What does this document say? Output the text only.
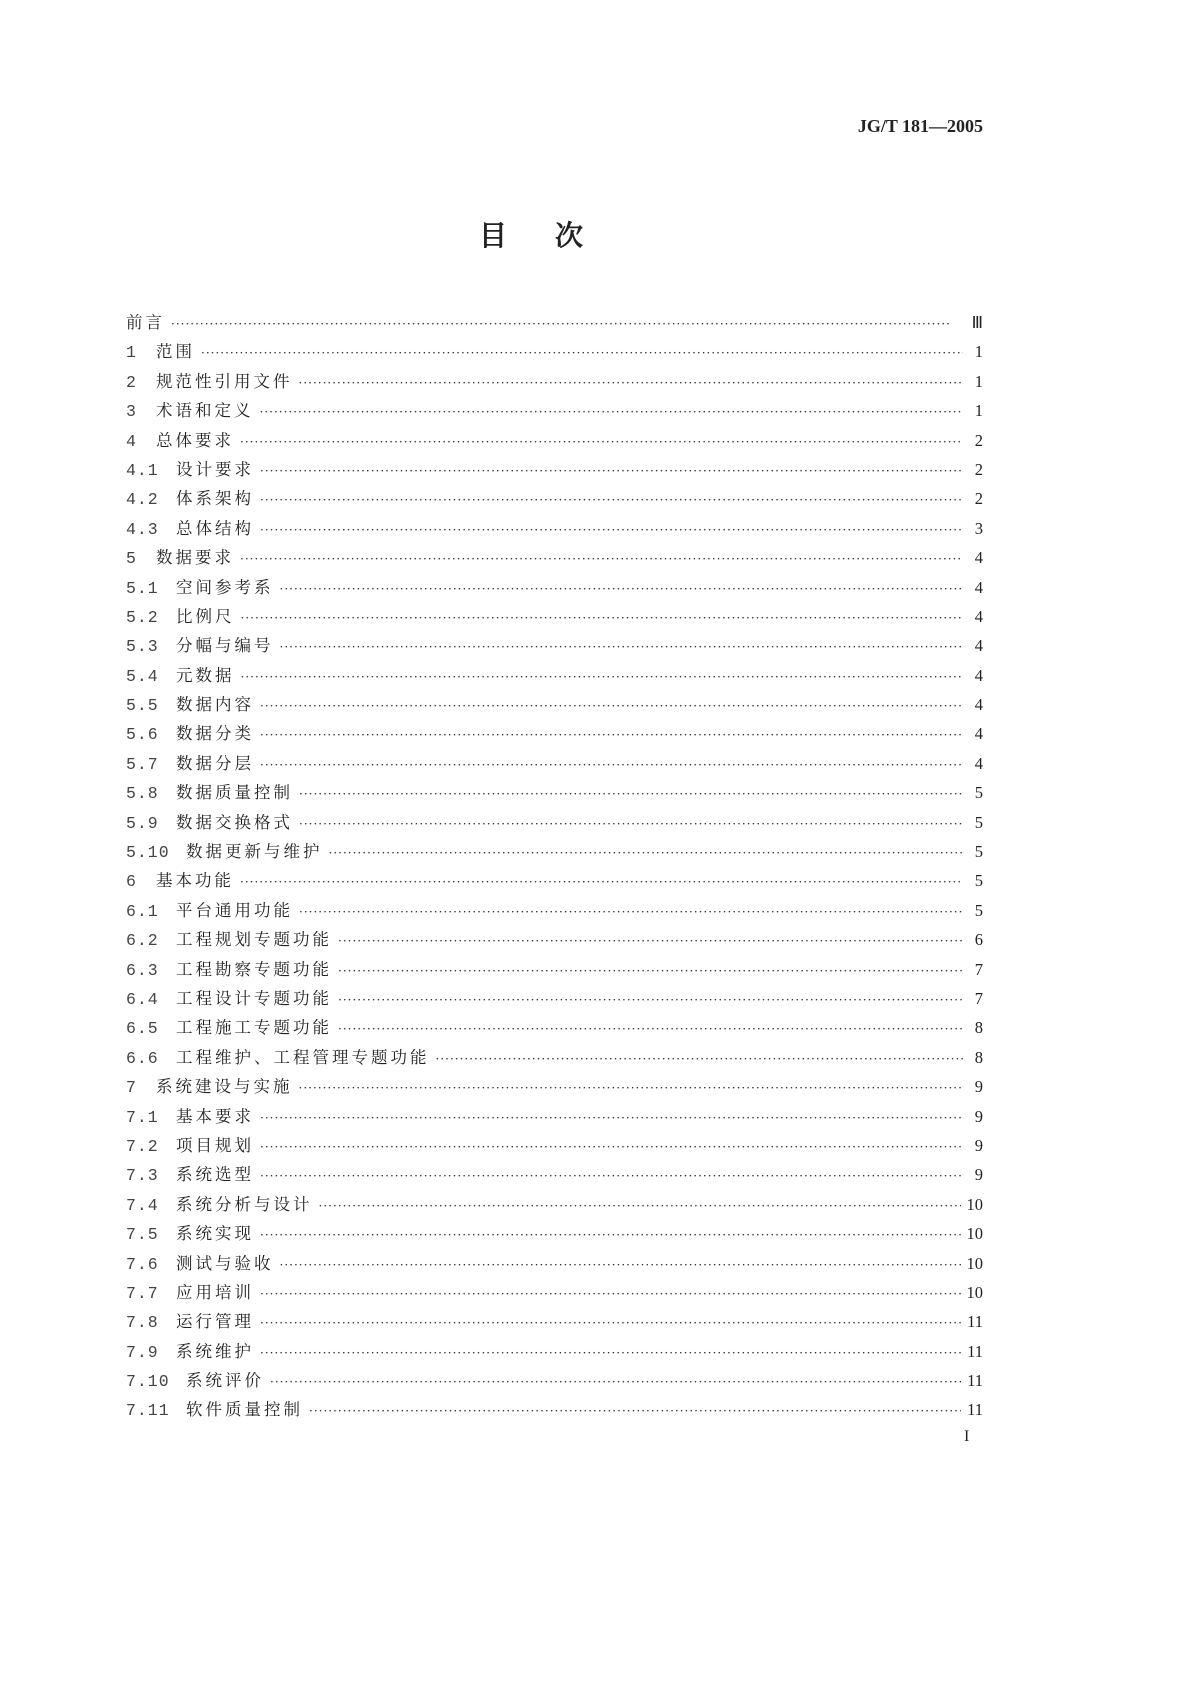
JG/T 181—2005
目次
前言 ·····	Ⅲ
1	范围 ·····	1
2	规范性引用文件 ·····	1
3	术语和定义 ·····	1
4	总体要求 ·····	2
4.1	设计要求 ·····	2
4.2	体系架构 ·····	2
4.3	总体结构 ·····	3
5	数据要求 ·····	4
5.1	空间参考系 ·····	4
5.2	比例尺 ·····	4
5.3	分幅与编号 ·····	4
5.4	元数据 ·····	4
5.5	数据内容 ·····	4
5.6	数据分类 ·····	4
5.7	数据分层 ·····	4
5.8	数据质量控制 ·····	5
5.9	数据交换格式 ·····	5
5.10 数据更新与维护 ·····	5
6	基本功能 ·····	5
6.1	平台通用功能 ·····	5
6.2	工程规划专题功能 ·····	6
6.3	工程勘察专题功能 ·····	7
6.4	工程设计专题功能 ·····	7
6.5	工程施工专题功能 ·····	8
6.6	工程维护、工程管理专题功能 ·····	8
7	系统建设与实施 ·····	9
7.1	基本要求 ·····	9
7.2	项目规划 ·····	9
7.3	系统选型 ·····	9
7.4	系统分析与设计 ·····	10
7.5	系统实现 ·····	10
7.6	测试与验收 ·····	10
7.7	应用培训 ·····	10
7.8	运行管理 ·····	11
7.9	系统维护 ·····	11
7.10 系统评价 ·····	11
7.11 软件质量控制 ·····	11
I
